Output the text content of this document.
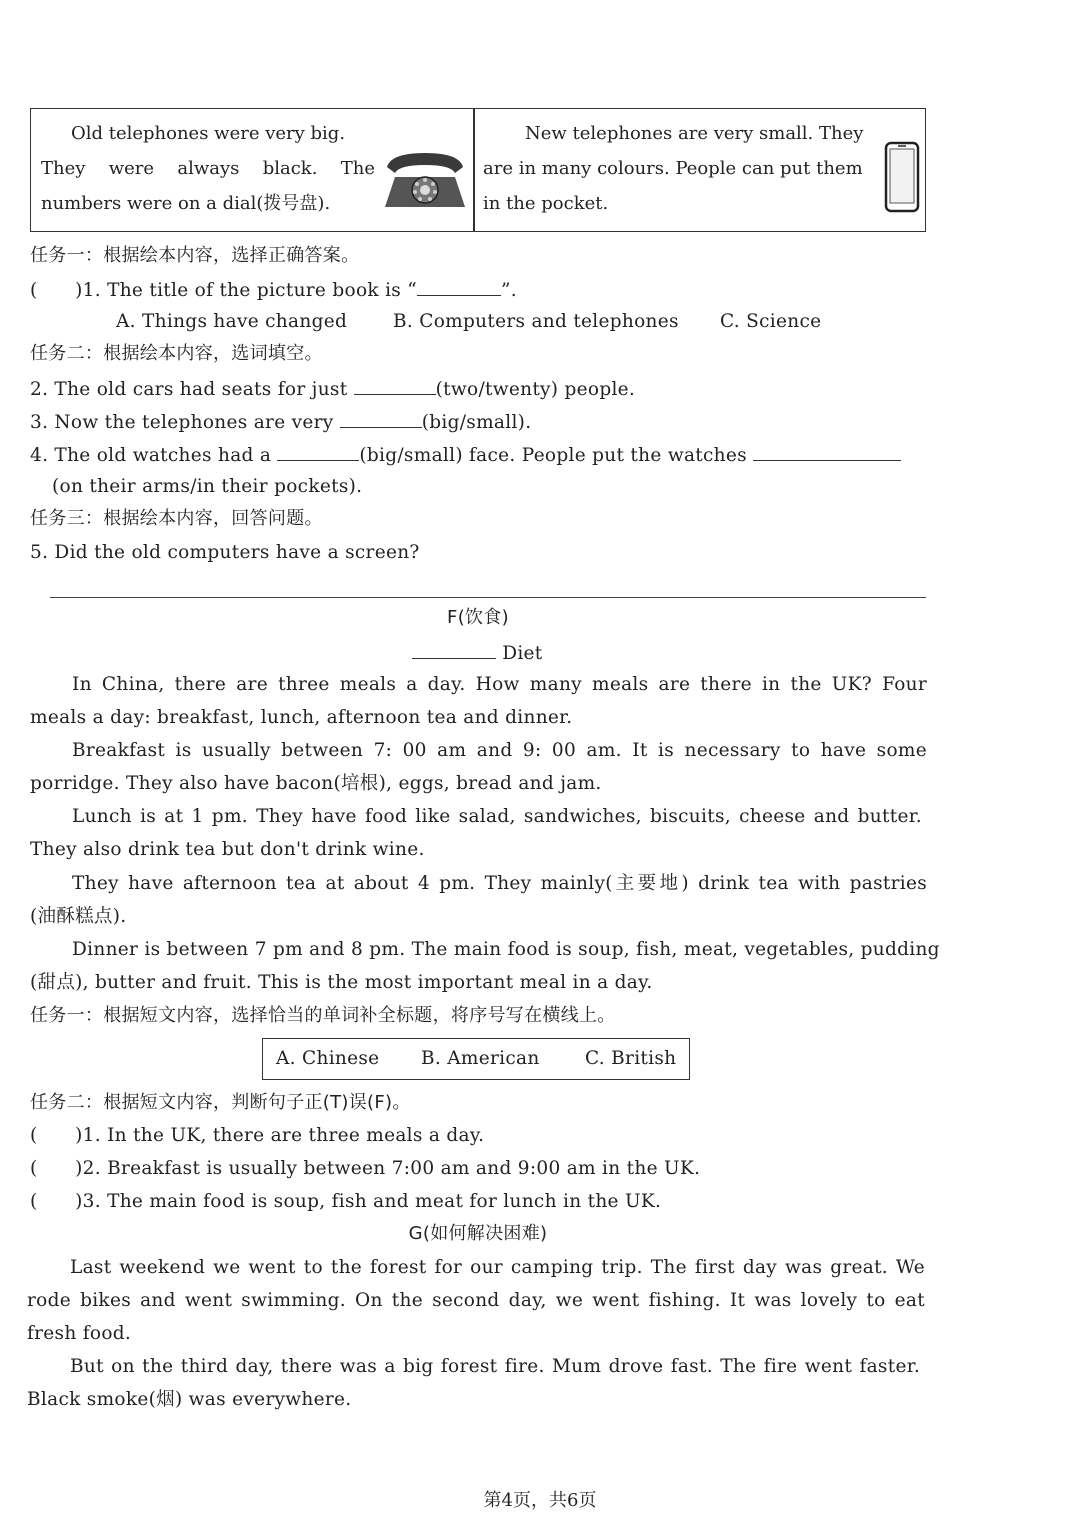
Old telephones were very big.
They were always black. The
numbers were on a dial(拨号盘).
New telephones are very small. They
are in many colours. People can put them
in the pocket.
任务一：根据绘本内容，选择正确答案。
(　　)1. The title of the picture book is “	”.
A. Things have changed B. Computers and telephones C. Science
任务二：根据绘本内容，选词填空。
2. The old cars had seats for just	(two/twenty) people.
3. Now the telephones are very	(big/small).
4. The old watches had a	(big/small) face. People put the watches
(on their arms/in their pockets).
任务三：根据绘本内容，回答问题。
5. Did the old computers have a screen?
F(饮食)
Diet
In China, there are three meals a day. How many meals are there in the UK? Four
meals a day: breakfast, lunch, afternoon tea and dinner.
Breakfast is usually between 7: 00 am and 9: 00 am. It is necessary to have some
porridge. They also have bacon(培根), eggs, bread and jam.
Lunch is at 1 pm. They have food like salad, sandwiches, biscuits, cheese and butter.
They also drink tea but don't drink wine.
They have afternoon tea at about 4 pm. They mainly(主要地) drink tea with pastries
(油酥糕点).
Dinner is between 7 pm and 8 pm. The main food is soup, fish, meat, vegetables, pudding
(甜点), butter and fruit. This is the most important meal in a day.
任务一：根据短文内容，选择恰当的单词补全标题，将序号写在横线上。
A. Chinese B. American C. British
任务二：根据短文内容，判断句子正(T)误(F)。
(　　)1. In the UK, there are three meals a day.
(　　)2. Breakfast is usually between 7:00 am and 9:00 am in the UK.
(　　)3. The main food is soup, fish and meat for lunch in the UK.
G(如何解决困难)
Last weekend we went to the forest for our camping trip. The first day was great. We
rode bikes and went swimming. On the second day, we went fishing. It was lovely to eat
fresh food.
But on the third day, there was a big forest fire. Mum drove fast. The fire went faster.
Black smoke(烟) was everywhere.
第4页，共6页
